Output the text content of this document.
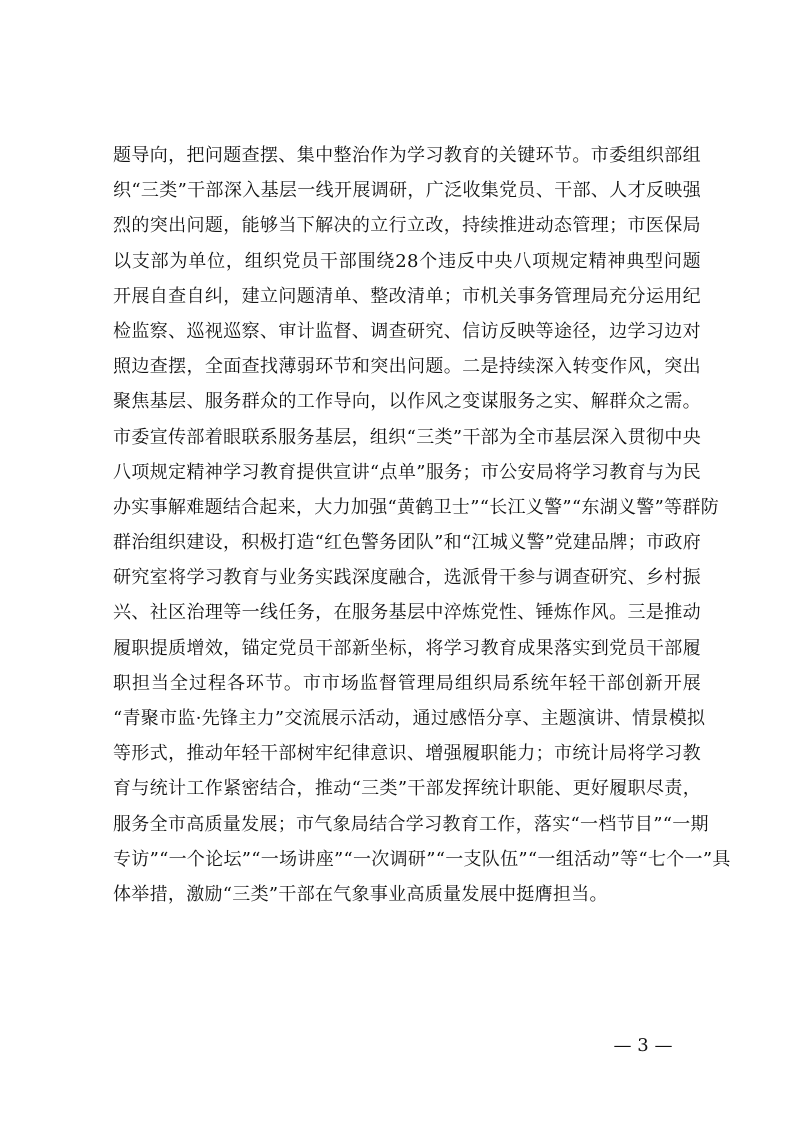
题导向，把问题查摆、集中整治作为学习教育的关键环节。市委组织部组
织“三类”干部深入基层一线开展调研，广泛收集党员、干部、人才反映强
烈的突出问题，能够当下解决的立行立改，持续推进动态管理；市医保局
以支部为单位，组织党员干部围绕28个违反中央八项规定精神典型问题
开展自查自纠，建立问题清单、整改清单；市机关事务管理局充分运用纪
检监察、巡视巡察、审计监督、调查研究、信访反映等途径，边学习边对
照边查摆，全面查找薄弱环节和突出问题。二是持续深入转变作风，突出
聚焦基层、服务群众的工作导向，以作风之变谋服务之实、解群众之需。
市委宣传部着眼联系服务基层，组织“三类”干部为全市基层深入贯彻中央
八项规定精神学习教育提供宣讲“点单”服务；市公安局将学习教育与为民
办实事解难题结合起来，大力加强“黄鹤卫士”“长江义警”“东湖义警”等群防
群治组织建设，积极打造“红色警务团队”和“江城义警”党建品牌；市政府
研究室将学习教育与业务实践深度融合，选派骨干参与调查研究、乡村振
兴、社区治理等一线任务，在服务基层中淬炼党性、锤炼作风。三是推动
履职提质增效，锚定党员干部新坐标，将学习教育成果落实到党员干部履
职担当全过程各环节。市市场监督管理局组织局系统年轻干部创新开展
“青聚市监·先锋主力”交流展示活动，通过感悟分享、主题演讲、情景模拟
等形式，推动年轻干部树牢纪律意识、增强履职能力；市统计局将学习教
育与统计工作紧密结合，推动“三类”干部发挥统计职能、更好履职尽责，
服务全市高质量发展；市气象局结合学习教育工作，落实“一档节目”“一期
专访”“一个论坛”“一场讲座”“一次调研”“一支队伍”“一组活动”等“七个一”具
体举措，激励“三类”干部在气象事业高质量发展中挺膺担当。
— 3 —
